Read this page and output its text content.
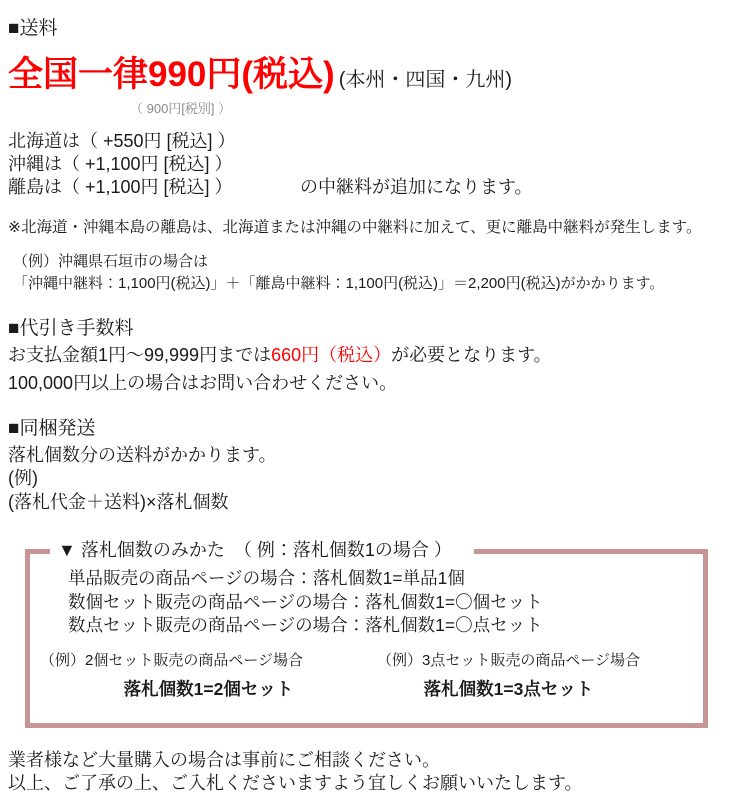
■送料
全国一律990円(税込) (本州・四国・九州)
（ 900円[税別] ）
北海道は（ +550円 [税込] ）
沖縄は（ +1,100円 [税込] ）
離島は（ +1,100円 [税込] ）	の中継料が追加になります。
※北海道・沖縄本島の離島は、北海道または沖縄の中継料に加えて、更に離島中継料が発生します。
（例）沖縄県石垣市の場合は
「沖縄中継料：1,100円(税込)」＋「離島中継料：1,100円(税込)」＝2,200円(税込)がかかります。
■代引き手数料
お支払金額1円〜99,999円までは660円（税込）が必要となります。
100,000円以上の場合はお問い合わせください。
■同梱発送
落札個数分の送料がかかります。
(例)
(落札代金＋送料)×落札個数
▼ 落札個数のみかた　（ 例：落札個数1の場合 ）
単品販売の商品ページの場合：落札個数1=単品1個
数個セット販売の商品ページの場合：落札個数1=〇個セット
数点セット販売の商品ページの場合：落札個数1=〇点セット
（例）2個セット販売の商品ページ場合
落札個数1=2個セット
（例）3点セット販売の商品ページ場合
落札個数1=3点セット
業者様など大量購入の場合は事前にご相談ください。
以上、ご了承の上、ご入札くださいますよう宜しくお願いいたします。
